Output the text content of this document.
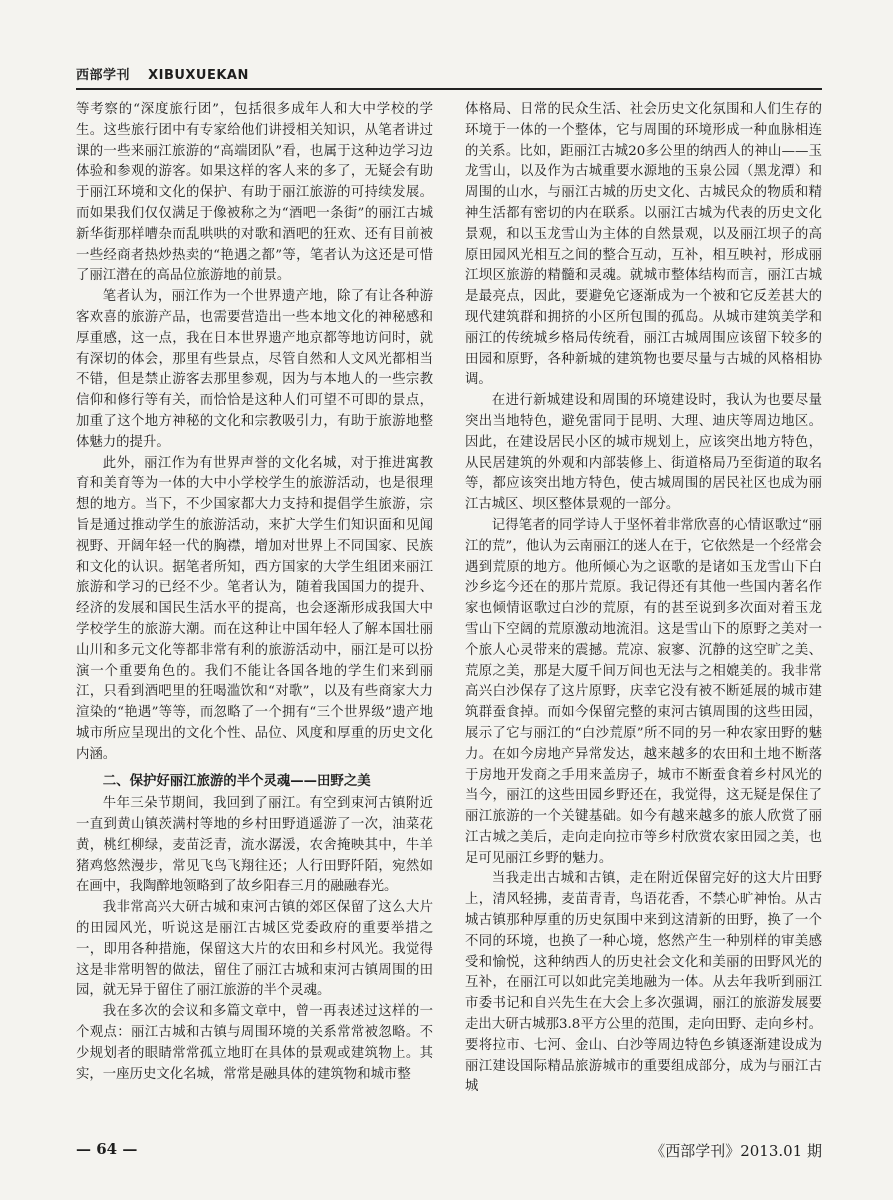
西部学刊 XIBUXUEKAN

等考察的“深度旅行团”，包括很多成年人和大中学校的学生。这些旅行团中有专家给他们讲授相关知识，从笔者讲过课的一些来丽江旅游的“高端团队”看，也属于这种边学习边体验和参观的游客。如果这样的客人来的多了，无疑会有助于丽江环境和文化的保护、有助于丽江旅游的可持续发展。而如果我们仅仅满足于像被称之为“酒吧一条街”的丽江古城新华街那样嘈杂而乱哄哄的对歌和酒吧的狂欢、还有目前被一些经商者热炒热卖的“艳遇之都”等，笔者认为这还是可惜了丽江潜在的高品位旅游地的前景。

笔者认为，丽江作为一个世界遗产地，除了有让各种游客欢喜的旅游产品，也需要营造出一些本地文化的神秘感和厚重感，这一点，我在日本世界遗产地京都等地访问时，就有深切的体会，那里有些景点，尽管自然和人文风光都相当不错，但是禁止游客去那里参观，因为与本地人的一些宗教信仰和修行等有关，而恰恰是这种人们可望不可即的景点，加重了这个地方神秘的文化和宗教吸引力，有助于旅游地整体魅力的提升。

此外，丽江作为有世界声誉的文化名城，对于推进寓教育和美育等为一体的大中小学校学生的旅游活动，也是很理想的地方。当下，不少国家都大力支持和提倡学生旅游，宗旨是通过推动学生的旅游活动，来扩大学生们知识面和见闻视野、开阔年轻一代的胸襟，增加对世界上不同国家、民族和文化的认识。据笔者所知，西方国家的大学生组团来丽江旅游和学习的已经不少。笔者认为，随着我国国力的提升、经济的发展和国民生活水平的提高，也会逐渐形成我国大中学校学生的旅游大潮。而在这种让中国年轻人了解本国壮丽山川和多元文化等都非常有利的旅游活动中，丽江是可以扮演一个重要角色的。我们不能让各国各地的学生们来到丽江，只看到酒吧里的狂喝滥饮和“对歌”，以及有些商家大力渲染的“艳遇”等等，而忽略了一个拥有“三个世界级”遗产地城市所应呈现出的文化个性、品位、风度和厚重的历史文化内涵。

二、保护好丽江旅游的半个灵魂——田野之美

牛年三朵节期间，我回到了丽江。有空到束河古镇附近一直到黄山镇茨满村等地的乡村田野逍遥游了一次，油菜花黄，桃红柳绿，麦苗泛青，流水潺湲，农舍掩映其中，牛羊猪鸡悠然漫步，常见飞鸟飞翔往还；人行田野阡陌，宛然如在画中，我陶醉地领略到了故乡阳春三月的融融春光。

我非常高兴大研古城和束河古镇的郊区保留了这么大片的田园风光，听说这是丽江古城区党委政府的重要举措之一，即用各种措施，保留这大片的农田和乡村风光。我觉得这是非常明智的做法，留住了丽江古城和束河古镇周围的田园，就无异于留住了丽江旅游的半个灵魂。

我在多次的会议和多篇文章中，曾一再表述过这样的一个观点：丽江古城和古镇与周围环境的关系常常被忽略。不少规划者的眼睛常常孤立地盯在具体的景观或建筑物上。其实，一座历史文化名城，常常是融具体的建筑物和城市整

体格局、日常的民众生活、社会历史文化氛围和人们生存的环境于一体的一个整体，它与周围的环境形成一种血脉相连的关系。比如，距丽江古城20多公里的纳西人的神山——玉龙雪山，以及作为古城重要水源地的玉泉公园（黑龙潭）和周围的山水，与丽江古城的历史文化、古城民众的物质和精神生活都有密切的内在联系。以丽江古城为代表的历史文化景观，和以玉龙雪山为主体的自然景观，以及丽江坝子的高原田园风光相互之间的整合互动，互补，相互映衬，形成丽江坝区旅游的精髓和灵魂。就城市整体结构而言，丽江古城是最亮点，因此，要避免它逐渐成为一个被和它反差甚大的现代建筑群和拥挤的小区所包围的孤岛。从城市建筑美学和丽江的传统城乡格局传统看，丽江古城周围应该留下较多的田园和原野，各种新城的建筑物也要尽量与古城的风格相协调。

在进行新城建设和周围的环境建设时，我认为也要尽量突出当地特色，避免雷同于昆明、大理、迪庆等周边地区。因此，在建设居民小区的城市规划上，应该突出地方特色，从民居建筑的外观和内部装修上、街道格局乃至街道的取名等，都应该突出地方特色，使古城周围的居民社区也成为丽江古城区、坝区整体景观的一部分。

记得笔者的同学诗人于坚怀着非常欣喜的心情讴歌过“丽江的荒”，他认为云南丽江的迷人在于，它依然是一个经常会遇到荒原的地方。他所倾心为之讴歌的是诸如玉龙雪山下白沙乡迄今还在的那片荒原。我记得还有其他一些国内著名作家也倾情讴歌过白沙的荒原，有的甚至说到多次面对着玉龙雪山下空阔的荒原激动地流泪。这是雪山下的原野之美对一个旅人心灵带来的震撼。荒凉、寂寥、沉静的这空旷之美、荒原之美，那是大厦千间万间也无法与之相媲美的。我非常高兴白沙保存了这片原野，庆幸它没有被不断延展的城市建筑群蚕食掉。而如今保留完整的束河古镇周围的这些田园，展示了它与丽江的“白沙荒原”所不同的另一种农家田野的魅力。在如今房地产异常发达，越来越多的农田和土地不断落于房地开发商之手用来盖房子，城市不断蚕食着乡村风光的当今，丽江的这些田园乡野还在，我觉得，这无疑是保住了丽江旅游的一个关键基础。如今有越来越多的旅人欣赏了丽江古城之美后，走向走向拉市等乡村欣赏农家田园之美，也足可见丽江乡野的魅力。

当我走出古城和古镇，走在附近保留完好的这大片田野上，清风轻拂，麦苗青青，鸟语花香，不禁心旷神怡。从古城古镇那种厚重的历史氛围中来到这清新的田野，换了一个不同的环境，也换了一种心境，悠然产生一种别样的审美感受和愉悦，这种纳西人的历史社会文化和美丽的田野风光的互补，在丽江可以如此完美地融为一体。从去年我听到丽江市委书记和自兴先生在大会上多次强调，丽江的旅游发展要走出大研古城那3.8平方公里的范围，走向田野、走向乡村。要将拉市、七河、金山、白沙等周边特色乡镇逐渐建设成为丽江建设国际精品旅游城市的重要组成部分，成为与丽江古城

— 64 —	《西部学刊》2013.01 期
